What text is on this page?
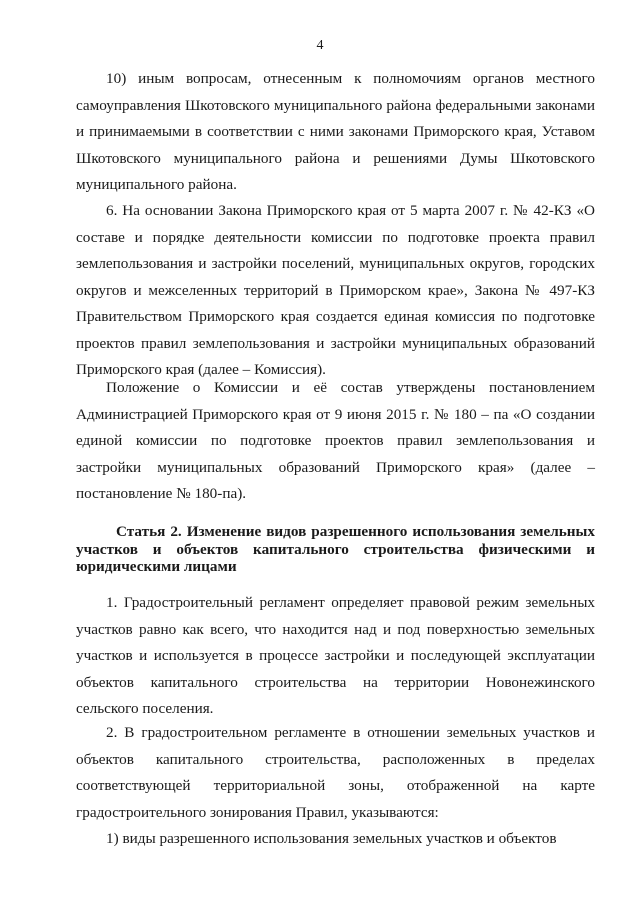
4

10) иным вопросам, отнесенным к полномочиям органов местного самоуправления Шкотовского муниципального района федеральными законами и принимаемыми в соответствии с ними законами Приморского края, Уставом Шкотовского муниципального района и решениями Думы Шкотовского муниципального района.

6. На основании Закона Приморского края от 5 марта 2007 г. № 42-КЗ «О составе и порядке деятельности комиссии по подготовке проекта правил землепользования и застройки поселений, муниципальных округов, городских округов и межселенных территорий в Приморском крае», Закона № 497-КЗ Правительством Приморского края создается единая комиссия по подготовке проектов правил землепользования и застройки муниципальных образований Приморского края (далее – Комиссия).

Положение о Комиссии и её состав утверждены постановлением Администрацией Приморского края от 9 июня 2015 г. № 180 – па «О создании единой комиссии по подготовке проектов правил землепользования и застройки муниципальных образований Приморского края» (далее – постановление № 180-па).

Статья 2. Изменение видов разрешенного использования земельных участков и объектов капитального строительства физическими и юридическими лицами

1. Градостроительный регламент определяет правовой режим земельных участков равно как всего, что находится над и под поверхностью земельных участков и используется в процессе застройки и последующей эксплуатации объектов капитального строительства на территории Новонежинского сельского поселения.

2. В градостроительном регламенте в отношении земельных участков и объектов капитального строительства, расположенных в пределах соответствующей территориальной зоны, отображенной на карте градостроительного зонирования Правил, указываются:

1) виды разрешенного использования земельных участков и объектов
